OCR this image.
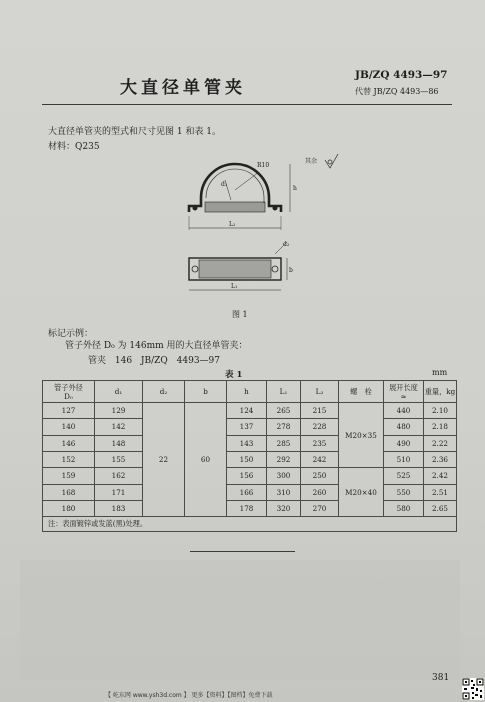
大直径单管夹
JB/ZQ 4493—97
代替 JB/ZQ 4493—86
大直径单管夹的型式和尺寸见图 1 和表 1。
材料：Q235
R10
d₁
h
L₂
其余
d₂
b
L₁
图 1
标记示例：
管子外径 D₀ 为 146mm 用的大直径单管夹：
管夹 146 JB/ZQ 4493—97
表 1	mm
管子外径
D₀	d₁	d₂	b	h	L₁	L₂	螺　栓	展开长度
≈	重量，kg
127	129	22	60	124	265	215	M20×35	440	2.10
140	142			137	278	228		480	2.18
146	148			143	285	235		490	2.22
152	155			150	292	242		510	2.36
159	162			156	300	250	M20×40	525	2.42
168	171			166	310	260		550	2.51
180	183			178	320	270		580	2.65
注：表面镀锌或发蓝(黑)处理。									
381
【 屹东网 www.ysh3d.com 】 更多【资料】【图档】免费下载
